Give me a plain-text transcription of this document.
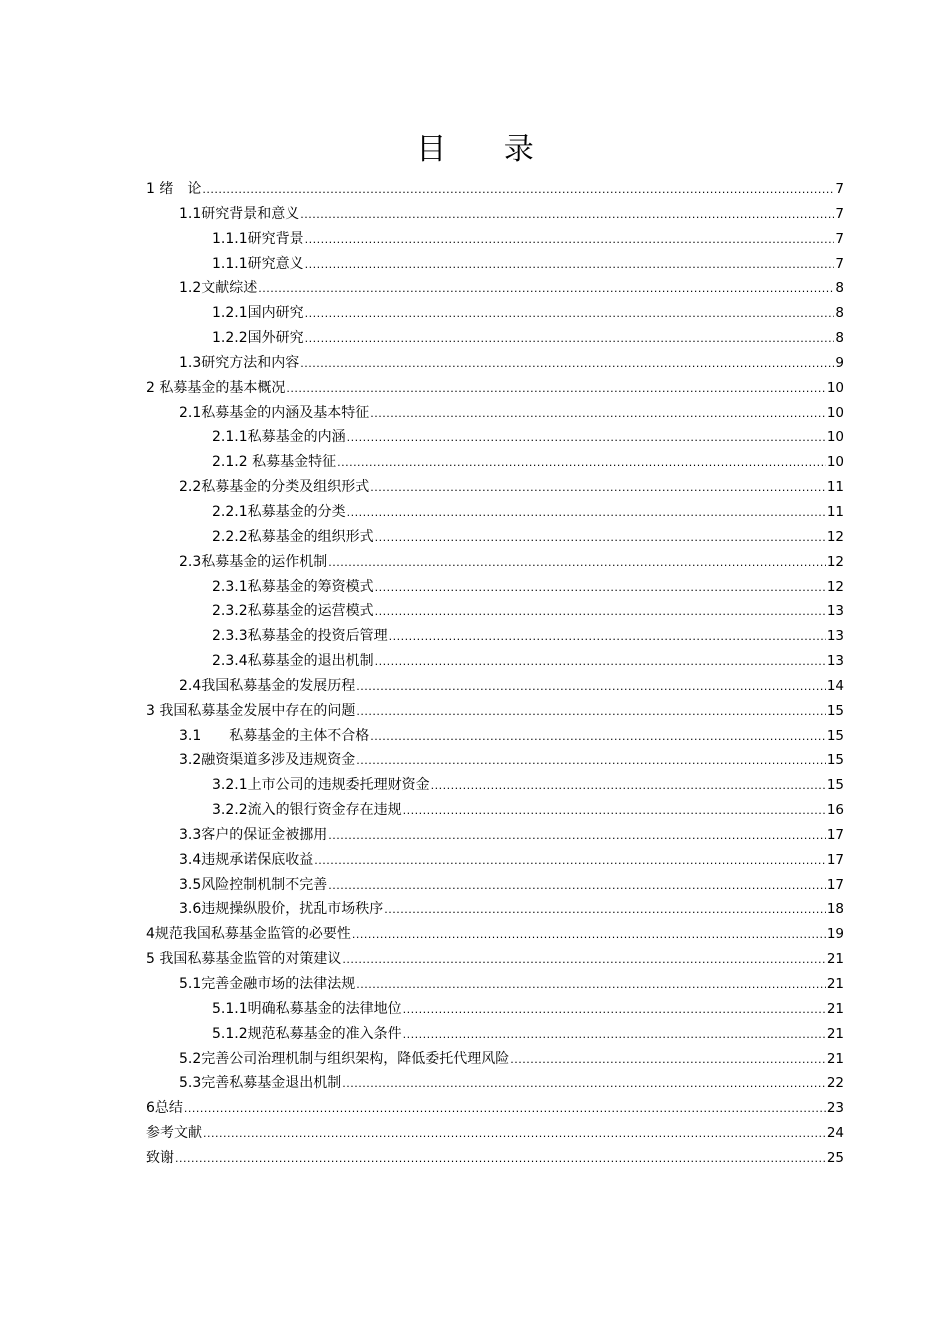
目 录
1 绪　论 .....	7
1.1研究背景和意义 .....	7
1.1.1研究背景 .....	7
1.1.1研究意义 .....	7
1.2文献综述 .....	8
1.2.1国内研究 .....	8
1.2.2国外研究 .....	8
1.3研究方法和内容 .....	9
2 私募基金的基本概况 .....	10
2.1私募基金的内涵及基本特征 .....	10
2.1.1私募基金的内涵 .....	10
2.1.2 私募基金特征 .....	10
2.2私募基金的分类及组织形式 .....	11
2.2.1私募基金的分类 .....	11
2.2.2私募基金的组织形式 .....	12
2.3私募基金的运作机制 .....	12
2.3.1私募基金的筹资模式 .....	12
2.3.2私募基金的运营模式 .....	13
2.3.3私募基金的投资后管理 .....	13
2.3.4私募基金的退出机制 .....	13
2.4我国私募基金的发展历程 .....	14
3 我国私募基金发展中存在的问题 .....	15
3.1　　私募基金的主体不合格 .....	15
3.2融资渠道多涉及违规资金 .....	15
3.2.1上市公司的违规委托理财资金 .....	15
3.2.2流入的银行资金存在违规 .....	16
3.3客户的保证金被挪用 .....	17
3.4违规承诺保底收益 .....	17
3.5风险控制机制不完善 .....	17
3.6违规操纵股价，扰乱市场秩序 .....	18
4规范我国私募基金监管的必要性 .....	19
5 我国私募基金监管的对策建议 .....	21
5.1完善金融市场的法律法规 .....	21
5.1.1明确私募基金的法律地位 .....	21
5.1.2规范私募基金的准入条件 .....	21
5.2完善公司治理机制与组织架构，降低委托代理风险 .....	21
5.3完善私募基金退出机制 .....	22
6总结 .....	23
参考文献 .....	24
致谢 .....	25
